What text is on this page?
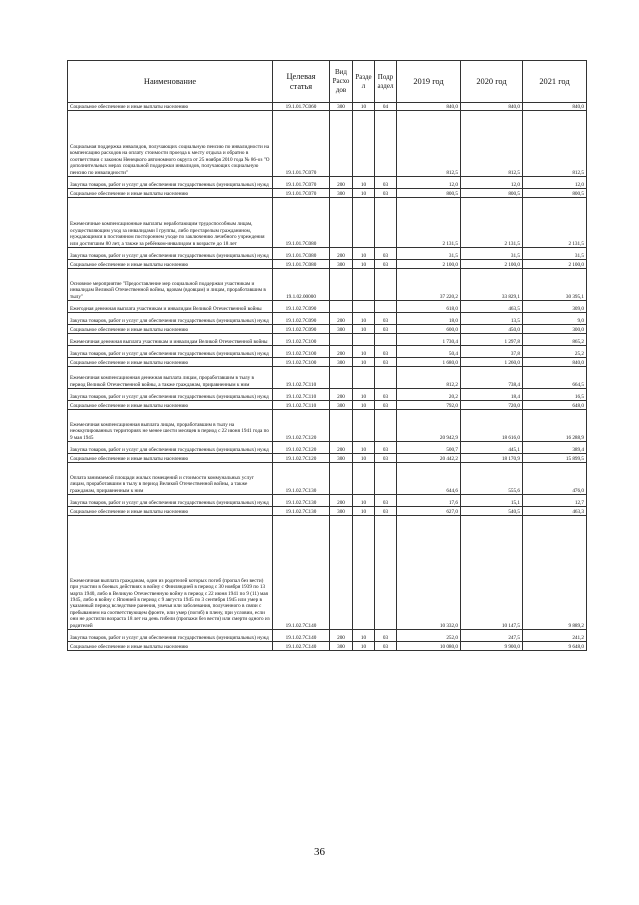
Наименование	Целевая статья	Вид Расхо дов	Разде л	Подр аздел	2019 год	2020 год	2021 год
Социальное обеспечение и иные выплаты населению	19.1.01.7С060	300	10	04	840,0	840,0	840,0
Социальная поддержка инвалидов, получающих социальную пенсию по инвалидности на компенсацию расходов на оплату стоимости проезда к месту отдыха и обратно в соответствии с законом Ненецкого автономного округа от 25 ноября 2010 года № 86-оз "О дополнительных мерах социальной поддержки инвалидов, получающих социальную пенсию по инвалидности"	19.1.01.7С070				812,5	812,5	812,5
Закупка товаров, работ и услуг для обеспечения государственных (муниципальных) нужд	19.1.01.7С070	200	10	03	12,0	12,0	12,0
Социальное обеспечение и иные выплаты населению	19.1.01.7С070	300	10	03	800,5	800,5	800,5
Ежемесячные компенсационные выплаты неработающим трудоспособным лицам, осуществляющим уход за инвалидами I группы, либо престарелым гражданином, нуждающимся в постоянном постороннем уходе по заключению лечебного учреждения или достигшим 80 лет, а также за ребёнком-инвалидом в возрасте до 18 лет	19.1.01.7С080				2 131,5	2 131,5	2 131,5
Закупка товаров, работ и услуг для обеспечения государственных (муниципальных) нужд	19.1.01.7С080	200	10	03	31,5	31,5	31,5
Социальное обеспечение и иные выплаты населению	19.1.01.7С080	300	10	03	2 100,0	2 100,0	2 100,0
Основное мероприятие "Предоставление мер социальной поддержки участникам и инвалидам Великой Отечественной войны, вдовам (вдовцам) и лицам, проработавшим в тылу"	19.1.02.00000				37 220,2	33 829,1	30 395,1
Ежегодная денежная выплата участникам и инвалидам Великой Отечественной войны	19.1.02.7С090				618,0	463,5	309,0
Закупка товаров, работ и услуг для обеспечения государственных (муниципальных) нужд	19.1.02.7С090	200	10	03	18,0	13,5	9,0
Социальное обеспечение и иные выплаты населению	19.1.02.7С090	300	10	03	600,0	450,0	300,0
Ежемесячная денежная выплата участникам и инвалидам Великой Отечественной войны	19.1.02.7С100				1 730,4	1 297,8	865,2
Закупка товаров, работ и услуг для обеспечения государственных (муниципальных) нужд	19.1.02.7С100	200	10	03	50,4	37,8	25,2
Социальное обеспечение и иные выплаты населению	19.1.02.7С100	300	10	03	1 680,0	1 260,0	840,0
Ежемесячная компенсационная денежная выплата лицам, проработавшим в тылу в период Великой Отечественной войны, а также гражданам, приравненным к ним	19.1.02.7С110				812,2	738,4	664,5
Закупка товаров, работ и услуг для обеспечения государственных (муниципальных) нужд	19.1.02.7С110	200	10	03	20,2	18,4	16,5
Социальное обеспечение и иные выплаты населению	19.1.02.7С110	300	10	03	792,0	720,0	648,0
Ежемесячная компенсационная выплата лицам, проработавшим в тылу на неоккупированных территориях не менее шести месяцев в период с 22 июня 1941 года по 9 мая 1945	19.1.02.7С120				20 942,9	18 616,0	16 288,9
Закупка товаров, работ и услуг для обеспечения государственных (муниципальных) нужд	19.1.02.7С120	200	10	03	500,7	445,1	389,4
Социальное обеспечение и иные выплаты населению	19.1.02.7С120	300	10	03	20 442,2	18 170,9	15 899,5
Оплата занимаемой площади жилых помещений и стоимости коммунальных услуг лицам, проработавшим в тылу в период Великой Отечественной войны, а также гражданам, приравненным к ним	19.1.02.7С130				644,6	555,6	476,0
Закупка товаров, работ и услуг для обеспечения государственных (муниципальных) нужд	19.1.02.7С130	200	10	03	17,6	15,1	12,7
Социальное обеспечение и иные выплаты населению	19.1.02.7С130	300	10	03	627,0	540,5	463,3
Ежемесячная выплата гражданам, один из родителей которых погиб (пропал без вести) при участии в боевых действиях в войну с Финляндией в период с 30 ноября 1939 по 13 марта 1940, либо в Великую Отечественную войну в период с 22 июня 1941 по 9 (11) мая 1945, либо в войну с Японией в период с 9 августа 1945 по 3 сентября 1945 или умер в указанный период вследствие ранения, увечья или заболевания, полученного в связи с пребыванием на соответствующем фронте, или умер (погиб) в плену, при условии, если они не достигли возраста 18 лет на день гибели (пропажи без вести) или смерти одного из родителей	19.1.02.7С140				10 332,0	10 147,5	9 889,2
Закупка товаров, работ и услуг для обеспечения государственных (муниципальных) нужд	19.1.02.7С140	200	10	03	252,0	247,5	241,2
Социальное обеспечение и иные выплаты населению	19.1.02.7С140	300	10	03	10 080,0	9 900,0	9 648,0
36
